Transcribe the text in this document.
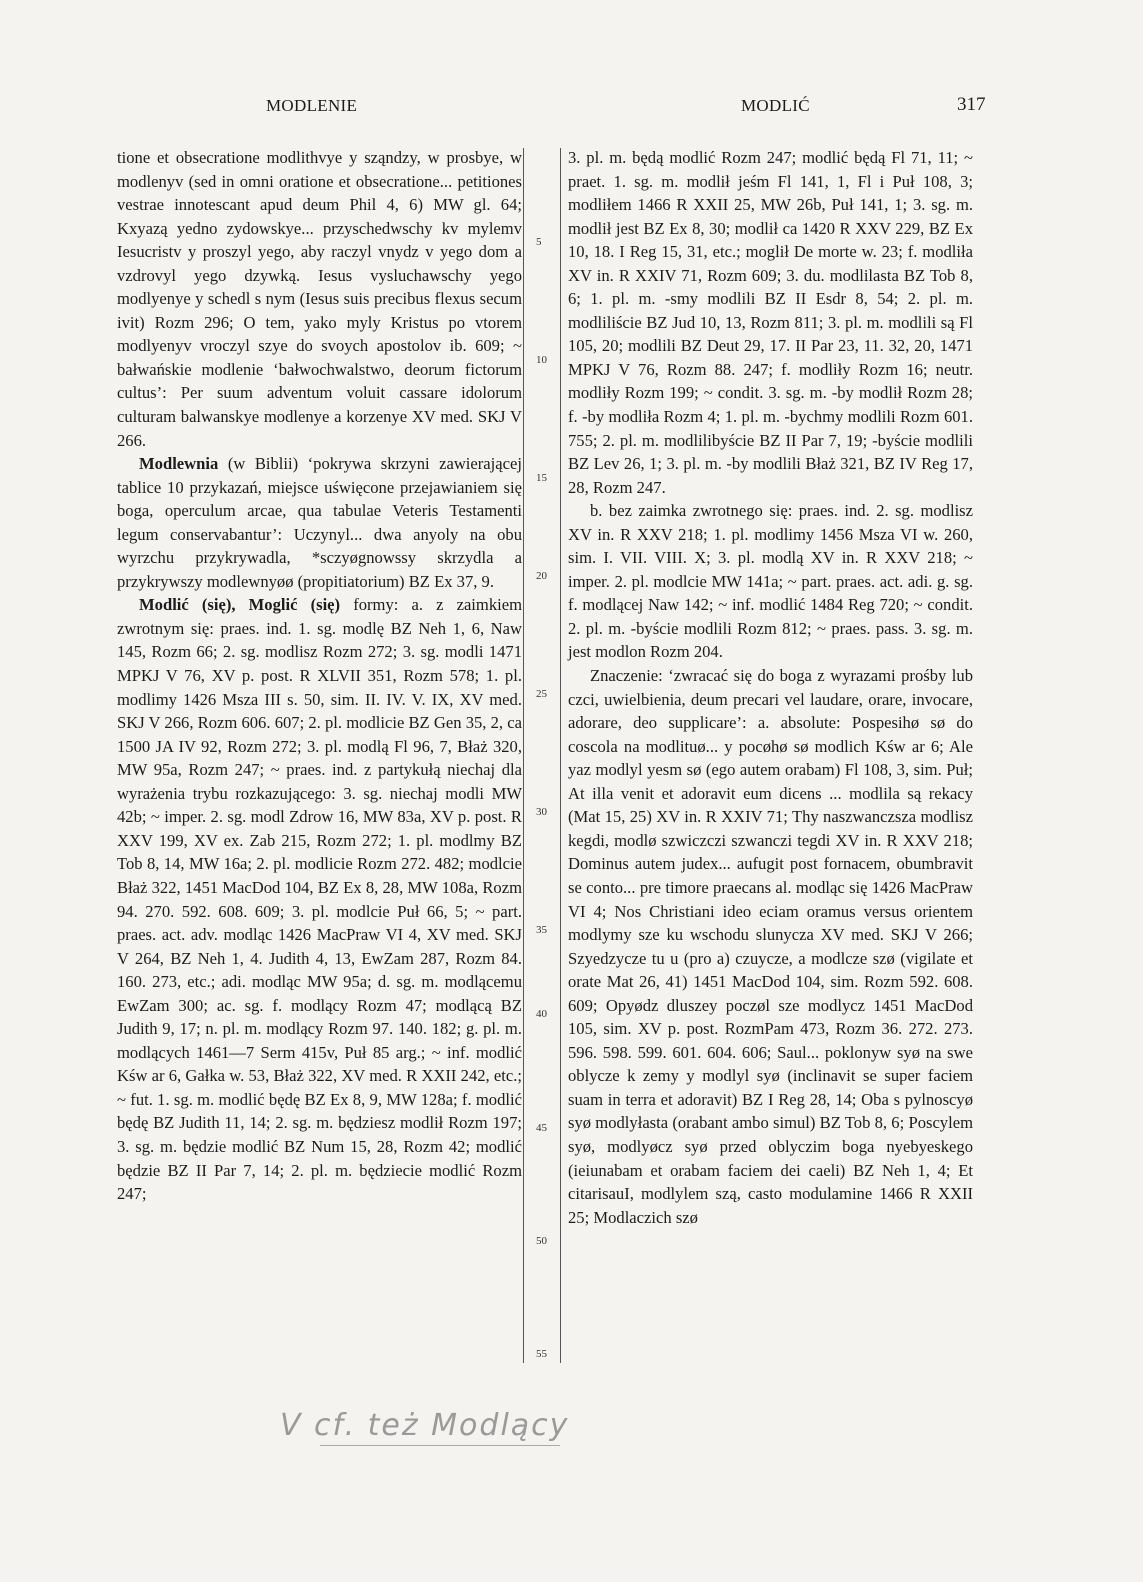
MODLENIE	MODLIĆ	317

tione et obsecratione modlithvye y sząndzy, w prosbye, w modlenyv (sed in omni oratione et obsecratione... petitiones vestrae innotescant apud deum Phil 4, 6) MW gl. 64; Kxyazą yedno zydowskye... przyschedwschy kv mylemv Iesucristv y proszyl yego, aby raczyl vnydz v yego dom a vzdrovyl yego dzywką. Iesus vysluchawschy yego modlyenye y schedl s nym (Iesus suis precibus flexus secum ivit) Rozm 296; O tem, yako myly Kristus po vtorem modlyenyv vroczyl szye do svoych apostolov ib. 609; ~ bałwańskie modlenie ‘bałwochwalstwo, deorum fictorum cultus’: Per suum adventum voluit cassare idolorum culturam balwanskye modlenye a korzenye XV med. SKJ V 266.

Modlewnia (w Biblii) ‘pokrywa skrzyni zawierającej tablice 10 przykazań, miejsce uświęcone przejawianiem się boga, operculum arcae, qua tabulae Veteris Testamenti legum conservabantur’: Uczynyl... dwa anyoly na obu wyrzchu przykrywadla, *sczyøgnowssy skrzydla a przykrywszy modlewnyøø (propitiatorium) BZ Ex 37, 9.

Modlić (się), Moglić (się) formy: a. z zaimkiem zwrotnym się: praes. ind. 1. sg. modlę BZ Neh 1, 6, Naw 145, Rozm 66; 2. sg. modlisz Rozm 272; 3. sg. modli 1471 MPKJ V 76, XV p. post. R XLVII 351, Rozm 578; 1. pl. modlimy 1426 Msza III s. 50, sim. II. IV. V. IX, XV med. SKJ V 266, Rozm 606. 607; 2. pl. modlicie BZ Gen 35, 2, ca 1500 JA IV 92, Rozm 272; 3. pl. modlą Fl 96, 7, Błaż 320, MW 95a, Rozm 247; ~ praes. ind. z partykułą niechaj dla wyrażenia trybu rozkazującego: 3. sg. niechaj modli MW 42b; ~ imper. 2. sg. modl Zdrow 16, MW 83a, XV p. post. R XXV 199, XV ex. Zab 215, Rozm 272; 1. pl. modlmy BZ Tob 8, 14, MW 16a; 2. pl. modlicie Rozm 272. 482; modlcie Błaż 322, 1451 MacDod 104, BZ Ex 8, 28, MW 108a, Rozm 94. 270. 592. 608. 609; 3. pl. modlcie Puł 66, 5; ~ part. praes. act. adv. modląc 1426 MacPraw VI 4, XV med. SKJ V 264, BZ Neh 1, 4. Judith 4, 13, EwZam 287, Rozm 84. 160. 273, etc.; adi. modląc MW 95a; d. sg. m. modlącemu EwZam 300; ac. sg. f. modlący Rozm 47; modlącą BZ Judith 9, 17; n. pl. m. modlący Rozm 97. 140. 182; g. pl. m. modlących 1461—7 Serm 415v, Puł 85 arg.; ~ inf. modlić Kśw ar 6, Gałka w. 53, Błaż 322, XV med. R XXII 242, etc.; ~ fut. 1. sg. m. modlić będę BZ Ex 8, 9, MW 128a; f. modlić będę BZ Judith 11, 14; 2. sg. m. będziesz modlił Rozm 197; 3. sg. m. będzie modlić BZ Num 15, 28, Rozm 42; modlić będzie BZ II Par 7, 14; 2. pl. m. będziecie modlić Rozm 247;

5
10
15
20
25
30
35
40
45
50
55

3. pl. m. będą modlić Rozm 247; modlić będą Fl 71, 11; ~ praet. 1. sg. m. modlił jeśm Fl 141, 1, Fl i Puł 108, 3; modliłem 1466 R XXII 25, MW 26b, Puł 141, 1; 3. sg. m. modlił jest BZ Ex 8, 30; modlił ca 1420 R XXV 229, BZ Ex 10, 18. I Reg 15, 31, etc.; moglił De morte w. 23; f. modliła XV in. R XXIV 71, Rozm 609; 3. du. modlilasta BZ Tob 8, 6; 1. pl. m. -smy modlili BZ II Esdr 8, 54; 2. pl. m. modliliście BZ Jud 10, 13, Rozm 811; 3. pl. m. modlili są Fl 105, 20; modlili BZ Deut 29, 17. II Par 23, 11. 32, 20, 1471 MPKJ V 76, Rozm 88. 247; f. modliły Rozm 16; neutr. modliły Rozm 199; ~ condit. 3. sg. m. -by modlił Rozm 28; f. -by modliła Rozm 4; 1. pl. m. -bychmy modlili Rozm 601. 755; 2. pl. m. modlilibyście BZ II Par 7, 19; -byście modlili BZ Lev 26, 1; 3. pl. m. -by modlili Błaż 321, BZ IV Reg 17, 28, Rozm 247.

b. bez zaimka zwrotnego się: praes. ind. 2. sg. modlisz XV in. R XXV 218; 1. pl. modlimy 1456 Msza VI w. 260, sim. I. VII. VIII. X; 3. pl. modlą XV in. R XXV 218; ~ imper. 2. pl. modlcie MW 141a; ~ part. praes. act. adi. g. sg. f. modlącej Naw 142; ~ inf. modlić 1484 Reg 720; ~ condit. 2. pl. m. -byście modlili Rozm 812; ~ praes. pass. 3. sg. m. jest modlon Rozm 204.

Znaczenie: ‘zwracać się do boga z wyrazami prośby lub czci, uwielbienia, deum precari vel laudare, orare, invocare, adorare, deo supplicare’: a. absolute: Pospesihø sø do coscola na modlituø... y pocøhø sø modlich Kśw ar 6; Ale yaz modlyl yesm sø (ego autem orabam) Fl 108, 3, sim. Puł; At illa venit et adoravit eum dicens ... modlila są rekacy (Mat 15, 25) XV in. R XXIV 71; Thy naszwanczsza modlisz kegdi, modlø szwiczczi szwanczi tegdi XV in. R XXV 218; Dominus autem judex... aufugit post fornacem, obumbravit se conto... pre timore praecans al. modląc się 1426 MacPraw VI 4; Nos Christiani ideo eciam oramus versus orientem modlymy sze ku wschodu slunycza XV med. SKJ V 266; Szyedzycze tu u (pro a) czuycze, a modlcze szø (vigilate et orate Mat 26, 41) 1451 MacDod 104, sim. Rozm 592. 608. 609; Opyødz dluszey poczøl sze modlycz 1451 MacDod 105, sim. XV p. post. RozmPam 473, Rozm 36. 272. 273. 596. 598. 599. 601. 604. 606; Saul... poklonyw syø na swe oblycze k zemy y modlyl syø (inclinavit se super faciem suam in terra et adoravit) BZ I Reg 28, 14; Oba s pylnoscyø syø modlyłasta (orabant ambo simul) BZ Tob 8, 6; Poscylem syø, modlyøcz syø przed oblyczim boga nyebyeskego (ieiunabam et orabam faciem dei caeli) BZ Neh 1, 4; Et citarisauI, modlylem szą, casto modulamine 1466 R XXII 25; Modlaczich szø

V cf. też Modlący
